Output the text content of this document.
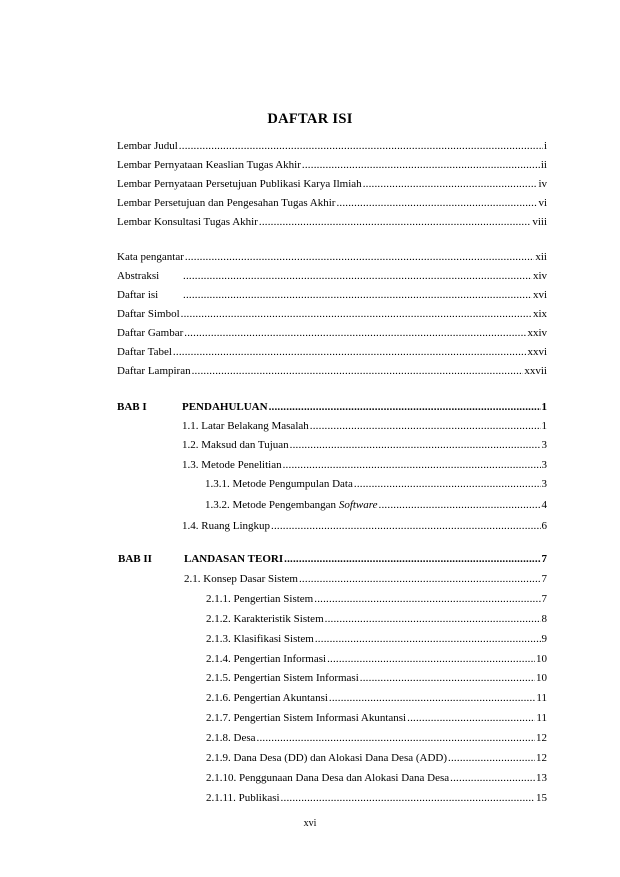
DAFTAR ISI
Lembar Judul .....	i
Lembar Pernyataan Keaslian Tugas Akhir .....	ii
Lembar Pernyataan Persetujuan Publikasi Karya Ilmiah .....	iv
Lembar Persetujuan dan Pengesahan Tugas Akhir .....	vi
Lembar Konsultasi Tugas Akhir .....	viii
Kata pengantar .....	xii
Abstraksi .....	xiv
Daftar isi .....	xvi
Daftar Simbol .....	xix
Daftar Gambar .....	xxiv
Daftar Tabel .....	xxvi
Daftar Lampiran .....	xxvii
BAB I	PENDAHULUAN .....	1
1.1. Latar Belakang Masalah .....	1
1.2. Maksud dan Tujuan .....	3
1.3. Metode Penelitian .....	3
1.3.1. Metode Pengumpulan Data .....	3
1.3.2. Metode Pengembangan Software .....	4
1.4. Ruang Lingkup .....	6
BAB II	LANDASAN TEORI .....	7
2.1. Konsep Dasar Sistem .....	7
2.1.1. Pengertian Sistem .....	7
2.1.2. Karakteristik Sistem .....	8
2.1.3. Klasifikasi Sistem .....	9
2.1.4. Pengertian Informasi .....	10
2.1.5. Pengertian Sistem Informasi .....	10
2.1.6. Pengertian Akuntansi .....	11
2.1.7. Pengertian Sistem Informasi Akuntansi .....	11
2.1.8. Desa .....	12
2.1.9. Dana Desa (DD) dan Alokasi Dana Desa (ADD) .....	12
2.1.10. Penggunaan Dana Desa dan Alokasi Dana Desa .....	13
2.1.11. Publikasi .....	15
xvi
